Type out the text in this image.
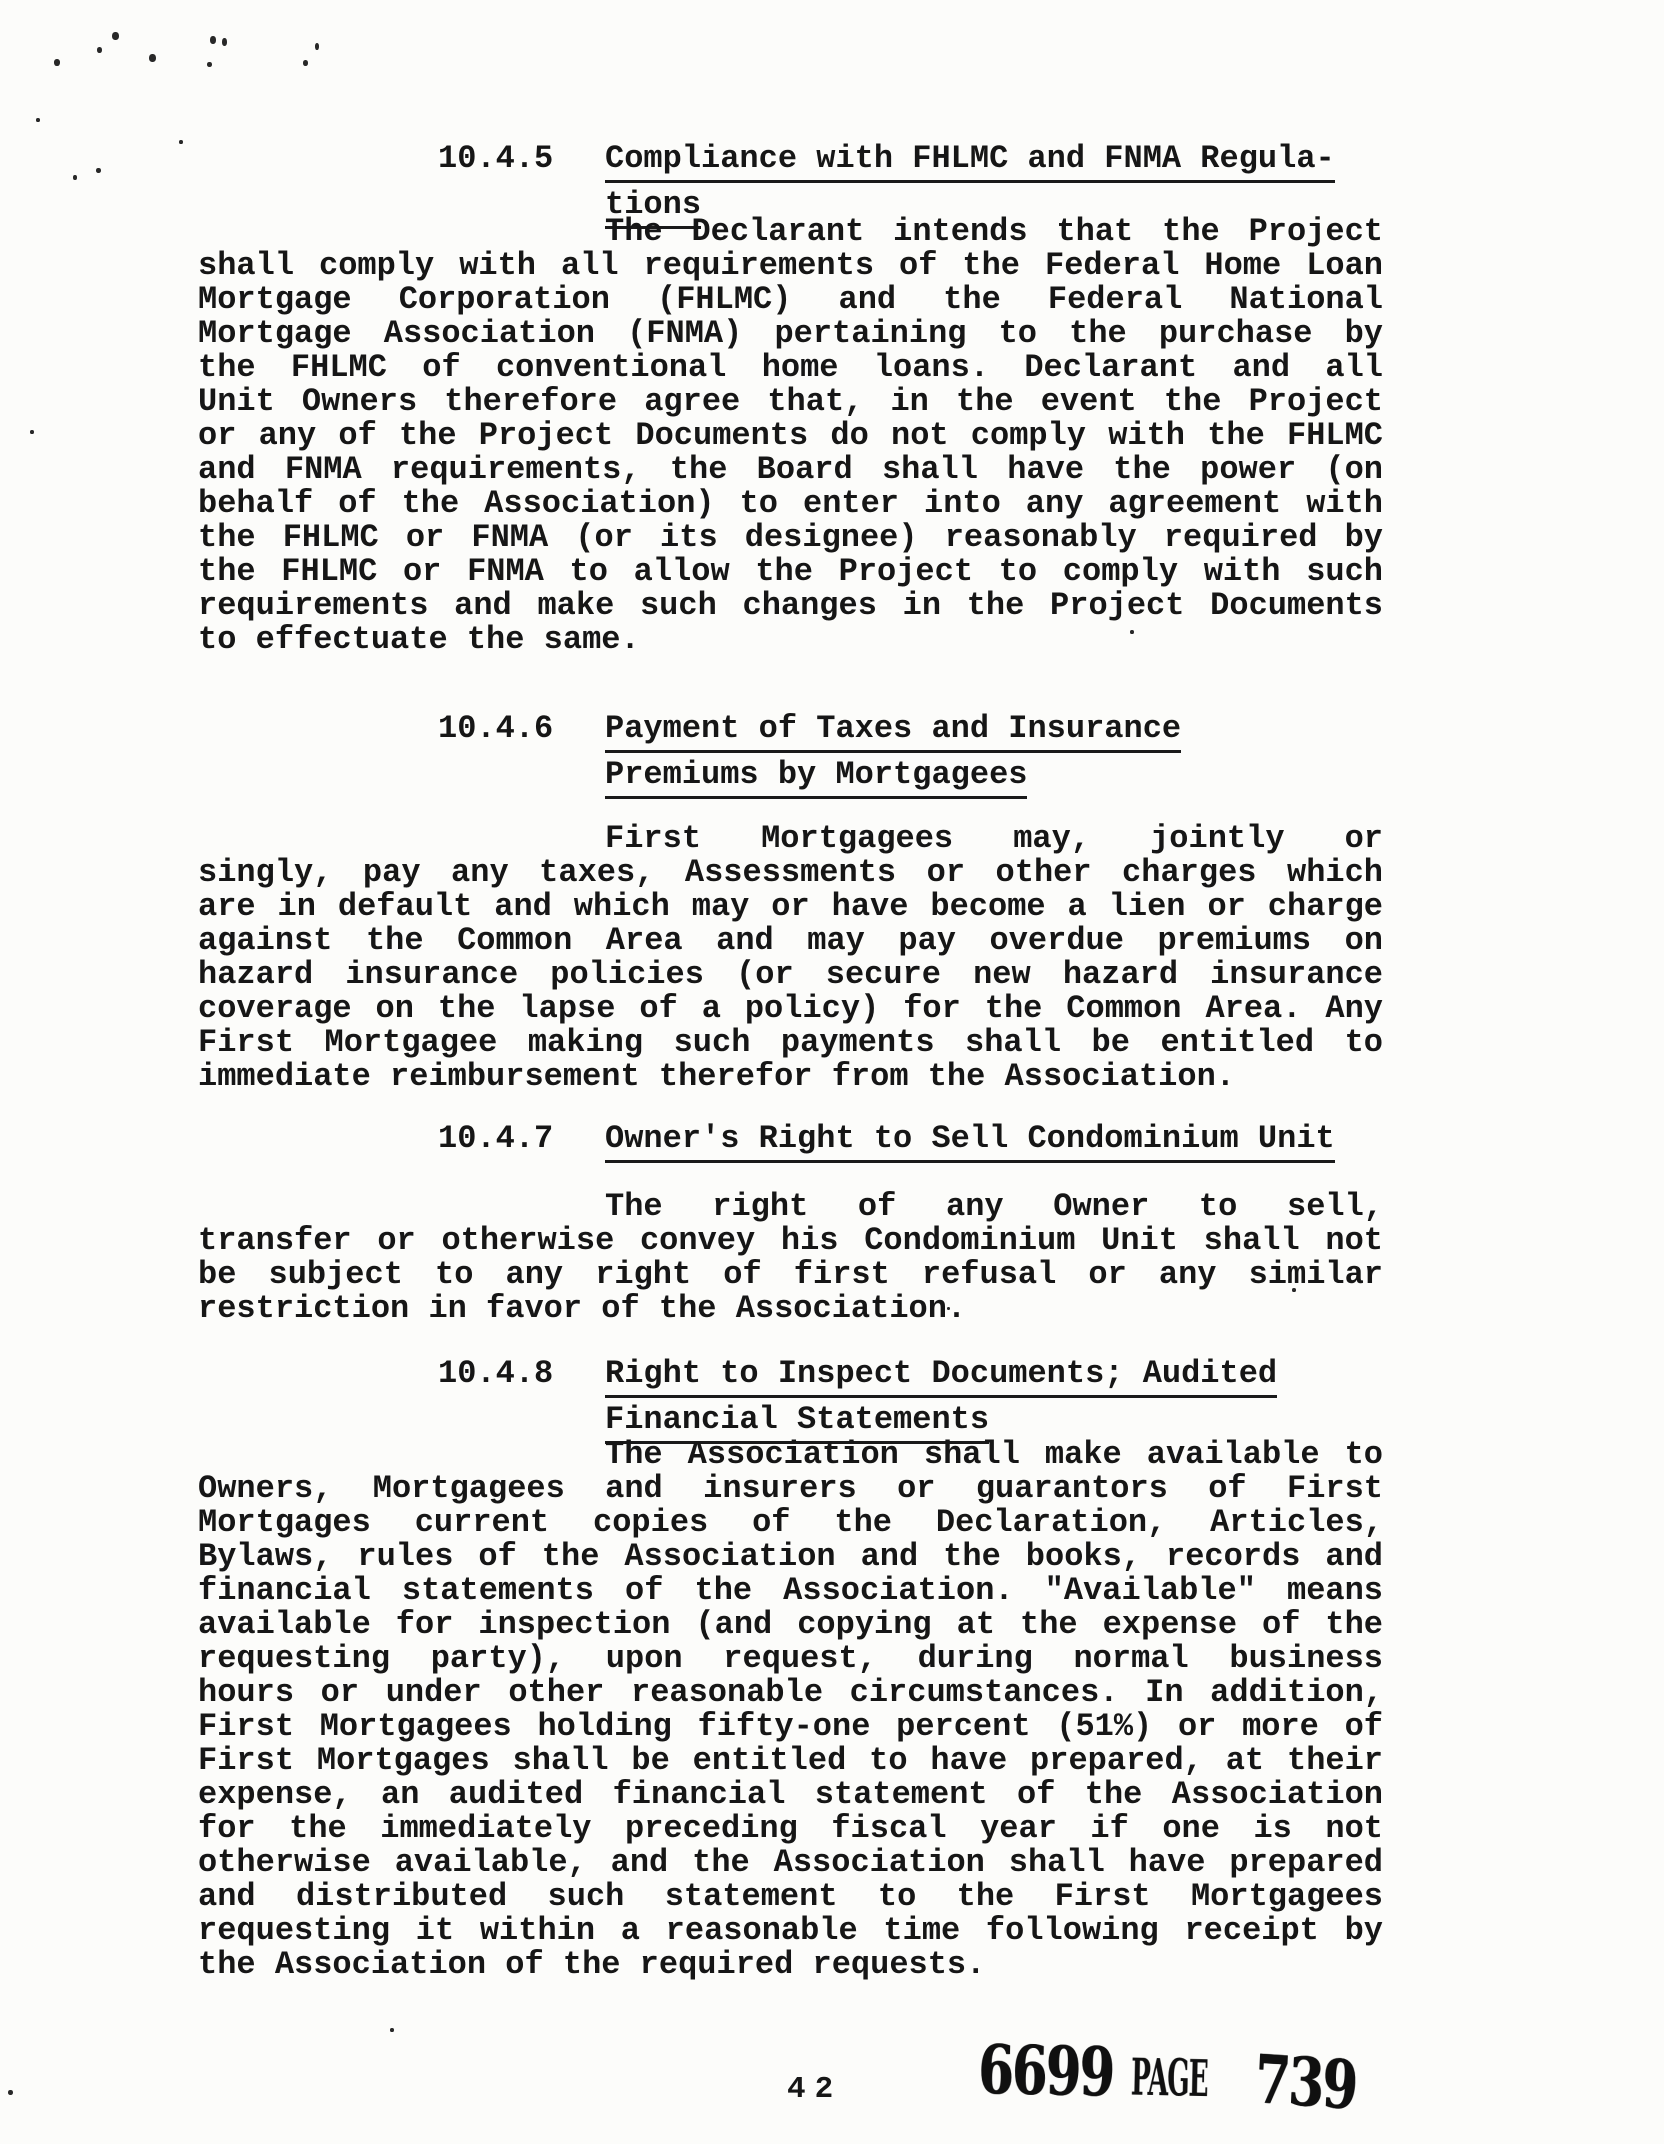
10.4.5	Compliance with FHLMC and FNMA Regula-
tions
The Declarant intends that the Project
shall comply with all requirements of the Federal Home Loan
Mortgage Corporation (FHLMC) and the Federal National
Mortgage Association (FNMA) pertaining to the purchase by
the FHLMC of conventional home loans. Declarant and all
Unit Owners therefore agree that, in the event the Project
or any of the Project Documents do not comply with the FHLMC
and FNMA requirements, the Board shall have the power (on
behalf of the Association) to enter into any agreement with
the FHLMC or FNMA (or its designee) reasonably required by
the FHLMC or FNMA to allow the Project to comply with such
requirements and make such changes in the Project Documents
to effectuate the same.
10.4.6	Payment of Taxes and Insurance
Premiums by Mortgagees
First Mortgagees may, jointly or
singly, pay any taxes, Assessments or other charges which
are in default and which may or have become a lien or charge
against the Common Area and may pay overdue premiums on
hazard insurance policies (or secure new hazard insurance
coverage on the lapse of a policy) for the Common Area. Any
First Mortgagee making such payments shall be entitled to
immediate reimbursement therefor from the Association.
10.4.7	Owner's Right to Sell Condominium Unit
The right of any Owner to sell,
transfer or otherwise convey his Condominium Unit shall not
be subject to any right of first refusal or any similar
restriction in favor of the Association.
10.4.8	Right to Inspect Documents; Audited
Financial Statements
The Association shall make available to
Owners, Mortgagees and insurers or guarantors of First
Mortgages current copies of the Declaration, Articles,
Bylaws, rules of the Association and the books, records and
financial statements of the Association. "Available" means
available for inspection (and copying at the expense of the
requesting party), upon request, during normal business
hours or under other reasonable circumstances. In addition,
First Mortgagees holding fifty-one percent (51%) or more of
First Mortgages shall be entitled to have prepared, at their
expense, an audited financial statement of the Association
for the immediately preceding fiscal year if one is not
otherwise available, and the Association shall have prepared
and distributed such statement to the First Mortgagees
requesting it within a reasonable time following receipt by
the Association of the required requests.
42 6699 PAGE 739
